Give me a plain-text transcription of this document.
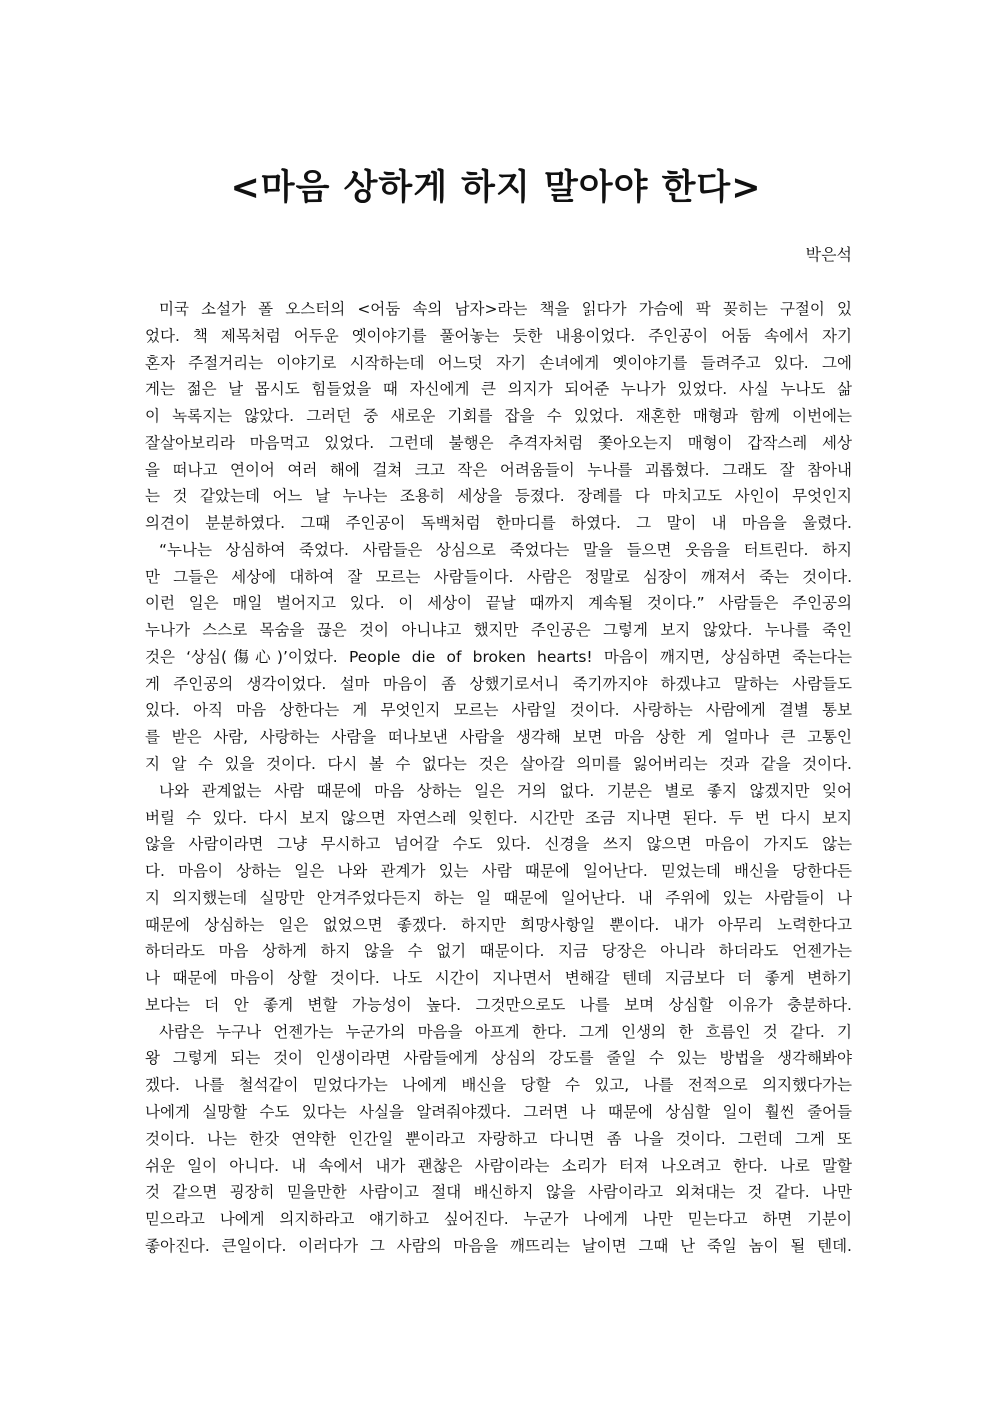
<마음 상하게 하지 말아야 한다>
박은석
미국 소설가 폴 오스터의 <어둠 속의 남자>라는 책을 읽다가 가슴에 팍 꽂히는 구절이 있
었다. 책 제목처럼 어두운 옛이야기를 풀어놓는 듯한 내용이었다. 주인공이 어둠 속에서 자기
혼자 주절거리는 이야기로 시작하는데 어느덧 자기 손녀에게 옛이야기를 들려주고 있다. 그에
게는 젊은 날 몹시도 힘들었을 때 자신에게 큰 의지가 되어준 누나가 있었다. 사실 누나도 삶
이 녹록지는 않았다. 그러던 중 새로운 기회를 잡을 수 있었다. 재혼한 매형과 함께 이번에는
잘살아보리라 마음먹고 있었다. 그런데 불행은 추격자처럼 쫓아오는지 매형이 갑작스레 세상
을 떠나고 연이어 여러 해에 걸쳐 크고 작은 어려움들이 누나를 괴롭혔다. 그래도 잘 참아내
는 것 같았는데 어느 날 누나는 조용히 세상을 등졌다. 장례를 다 마치고도 사인이 무엇인지
의견이 분분하였다. 그때 주인공이 독백처럼 한마디를 하였다. 그 말이 내 마음을 울렸다.
“누나는 상심하여 죽었다. 사람들은 상심으로 죽었다는 말을 들으면 웃음을 터트린다. 하지
만 그들은 세상에 대하여 잘 모르는 사람들이다. 사람은 정말로 심장이 깨져서 죽는 것이다.
이런 일은 매일 벌어지고 있다. 이 세상이 끝날 때까지 계속될 것이다.” 사람들은 주인공의
누나가 스스로 목숨을 끊은 것이 아니냐고 했지만 주인공은 그렇게 보지 않았다. 누나를 죽인
것은 ‘상심(傷心)’이었다. People die of broken hearts! 마음이 깨지면, 상심하면 죽는다는
게 주인공의 생각이었다. 설마 마음이 좀 상했기로서니 죽기까지야 하겠냐고 말하는 사람들도
있다. 아직 마음 상한다는 게 무엇인지 모르는 사람일 것이다. 사랑하는 사람에게 결별 통보
를 받은 사람, 사랑하는 사람을 떠나보낸 사람을 생각해 보면 마음 상한 게 얼마나 큰 고통인
지 알 수 있을 것이다. 다시 볼 수 없다는 것은 살아갈 의미를 잃어버리는 것과 같을 것이다.
나와 관계없는 사람 때문에 마음 상하는 일은 거의 없다. 기분은 별로 좋지 않겠지만 잊어
버릴 수 있다. 다시 보지 않으면 자연스레 잊힌다. 시간만 조금 지나면 된다. 두 번 다시 보지
않을 사람이라면 그냥 무시하고 넘어갈 수도 있다. 신경을 쓰지 않으면 마음이 가지도 않는
다. 마음이 상하는 일은 나와 관계가 있는 사람 때문에 일어난다. 믿었는데 배신을 당한다든
지 의지했는데 실망만 안겨주었다든지 하는 일 때문에 일어난다. 내 주위에 있는 사람들이 나
때문에 상심하는 일은 없었으면 좋겠다. 하지만 희망사항일 뿐이다. 내가 아무리 노력한다고
하더라도 마음 상하게 하지 않을 수 없기 때문이다. 지금 당장은 아니라 하더라도 언젠가는
나 때문에 마음이 상할 것이다. 나도 시간이 지나면서 변해갈 텐데 지금보다 더 좋게 변하기
보다는 더 안 좋게 변할 가능성이 높다. 그것만으로도 나를 보며 상심할 이유가 충분하다.
사람은 누구나 언젠가는 누군가의 마음을 아프게 한다. 그게 인생의 한 흐름인 것 같다. 기
왕 그렇게 되는 것이 인생이라면 사람들에게 상심의 강도를 줄일 수 있는 방법을 생각해봐야
겠다. 나를 철석같이 믿었다가는 나에게 배신을 당할 수 있고, 나를 전적으로 의지했다가는
나에게 실망할 수도 있다는 사실을 알려줘야겠다. 그러면 나 때문에 상심할 일이 훨씬 줄어들
것이다. 나는 한갓 연약한 인간일 뿐이라고 자랑하고 다니면 좀 나을 것이다. 그런데 그게 또
쉬운 일이 아니다. 내 속에서 내가 괜찮은 사람이라는 소리가 터져 나오려고 한다. 나로 말할
것 같으면 굉장히 믿을만한 사람이고 절대 배신하지 않을 사람이라고 외쳐대는 것 같다. 나만
믿으라고 나에게 의지하라고 얘기하고 싶어진다. 누군가 나에게 나만 믿는다고 하면 기분이
좋아진다. 큰일이다. 이러다가 그 사람의 마음을 깨뜨리는 날이면 그때 난 죽일 놈이 될 텐데.
